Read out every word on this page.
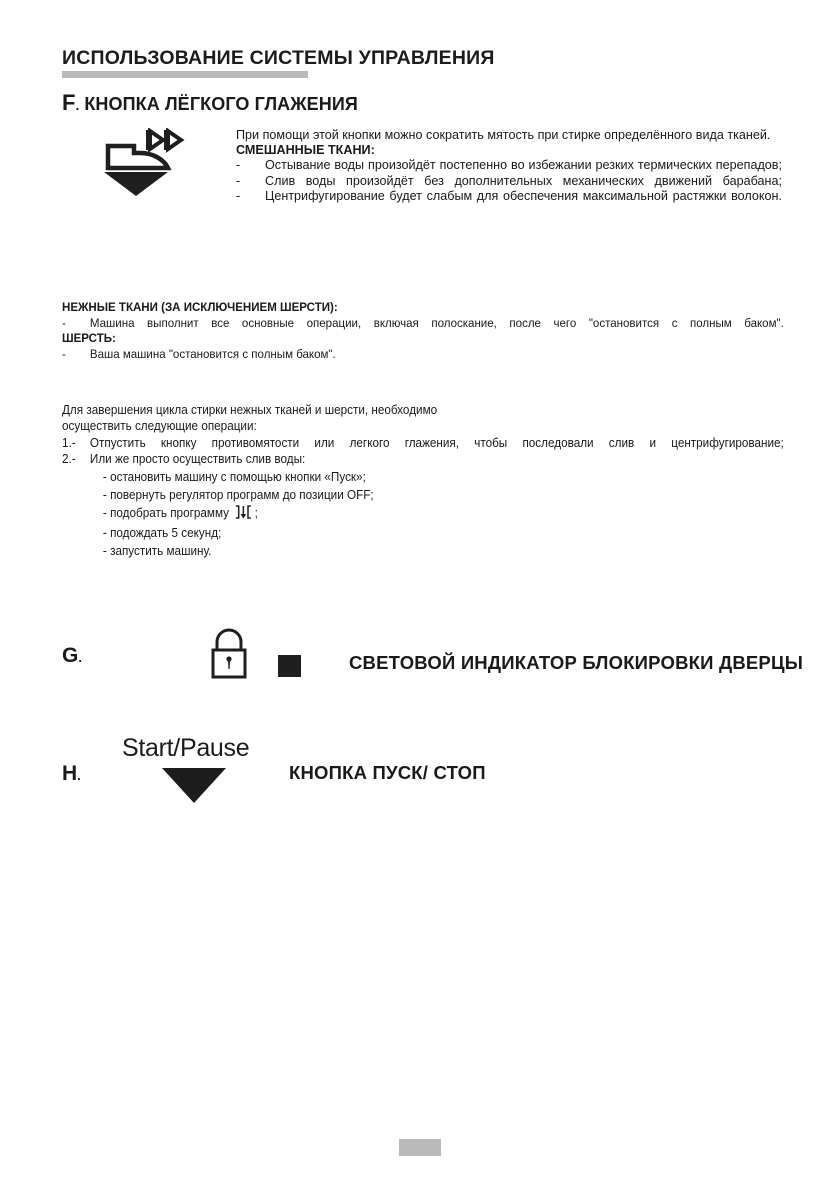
ИСПОЛЬЗОВАНИЕ СИСТЕМЫ УПРАВЛЕНИЯ
F . КНОПКА ЛЁГКОГО ГЛАЖЕНИЯ
При помощи этой кнопки можно сократить мятость при стирке определённого вида тканей.
СМЕШАННЫЕ ТКАНИ:
- Остывание воды произойдёт постепенно во избежании резких термических перепадов;
- Слив воды произойдёт без дополнительных механических движений барабана;
- Центрифугирование будет слабым для обеспечения максимальной растяжки волокон.
НЕЖНЫЕ ТКАНИ (ЗА ИСКЛЮЧЕНИЕМ ШЕРСТИ):
- Машина выполнит все основные операции, включая полоскание, после чего "остановится с полным баком".
ШЕРСТЬ:
- Ваша машина "остановится с полным баком".
Для завершения цикла стирки нежных тканей и шерсти, необходимо
осуществить следующие операции:
1.- Отпустить кнопку противомятости или легкого глажения, чтобы последовали слив и центрифугирование;
2.- Или же просто осуществить слив воды:
- остановить машину с помощью кнопки «Пуск»;
- повернуть регулятор программ до позиции OFF;
- подобрать программу ;
- подождать 5 секунд;
- запустить машину.
G .	СВЕТОВОЙ ИНДИКАТОР БЛОКИРОВКИ ДВЕРЦЫ
H .
Start/Pause
КНОПКА ПУСК/ СТОП
